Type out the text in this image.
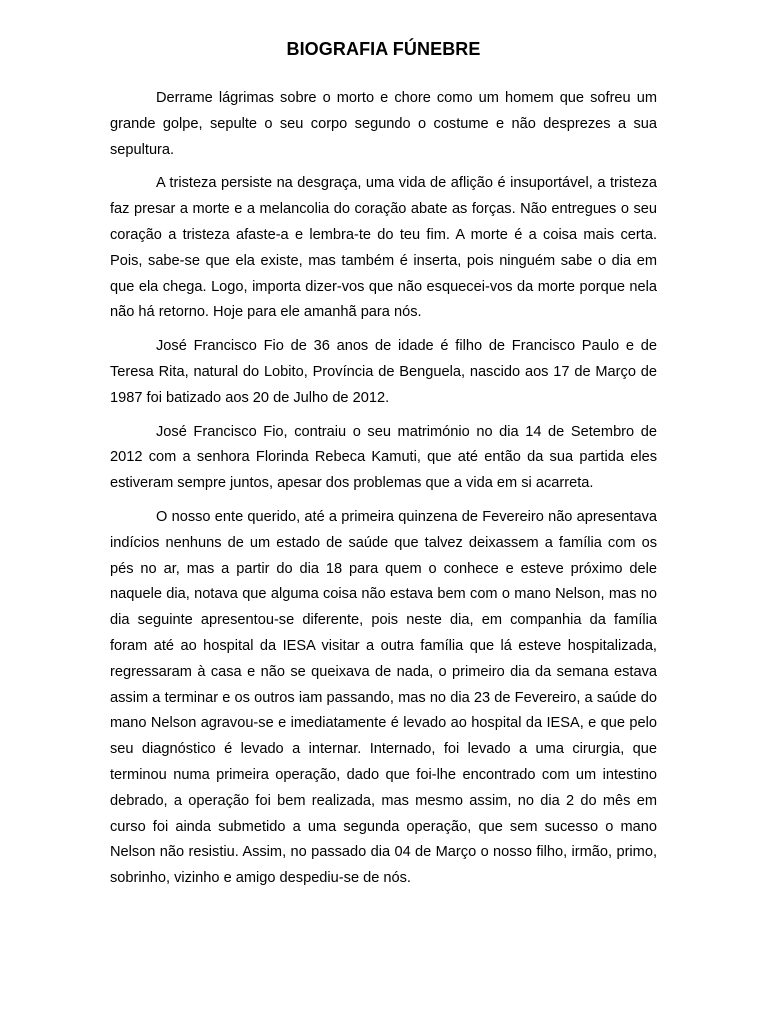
BIOGRAFIA FÚNEBRE

Derrame lágrimas sobre o morto e chore como um homem que sofreu um grande golpe, sepulte o seu corpo segundo o costume e não desprezes a sua sepultura.

A tristeza persiste na desgraça, uma vida de aflição é insuportável, a tristeza faz presar a morte e a melancolia do coração abate as forças. Não entregues o seu coração a tristeza afaste-a e lembra-te do teu fim. A morte é a coisa mais certa. Pois, sabe-se que ela existe, mas também é inserta, pois ninguém sabe o dia em que ela chega. Logo, importa dizer-vos que não esquecei-vos da morte porque nela não há retorno. Hoje para ele amanhã para nós.

José Francisco Fio de 36 anos de idade é filho de Francisco Paulo e de Teresa Rita, natural do Lobito, Província de Benguela, nascido aos 17 de Março de 1987 foi batizado aos 20 de Julho de 2012.

José Francisco Fio, contraiu o seu matrimónio no dia 14 de Setembro de 2012 com a senhora Florinda Rebeca Kamuti, que até então da sua partida eles estiveram sempre juntos, apesar dos problemas que a vida em si acarreta.

O nosso ente querido, até a primeira quinzena de Fevereiro não apresentava indícios nenhuns de um estado de saúde que talvez deixassem a família com os pés no ar, mas a partir do dia 18 para quem o conhece e esteve próximo dele naquele dia, notava que alguma coisa não estava bem com o mano Nelson, mas no dia seguinte apresentou-se diferente, pois neste dia, em companhia da família foram até ao hospital da IESA visitar a outra família que lá esteve hospitalizada, regressaram à casa e não se queixava de nada, o primeiro dia da semana estava assim a terminar e os outros iam passando, mas no dia 23 de Fevereiro, a saúde do mano Nelson agravou-se e imediatamente é levado ao hospital da IESA, e que pelo seu diagnóstico é levado a internar. Internado, foi levado a uma cirurgia, que terminou numa primeira operação, dado que foi-lhe encontrado com um intestino debrado, a operação foi bem realizada, mas mesmo assim, no dia 2 do mês em curso foi ainda submetido a uma segunda operação, que sem sucesso o mano Nelson não resistiu. Assim, no passado dia 04 de Março o nosso filho, irmão, primo, sobrinho, vizinho e amigo despediu-se de nós.
